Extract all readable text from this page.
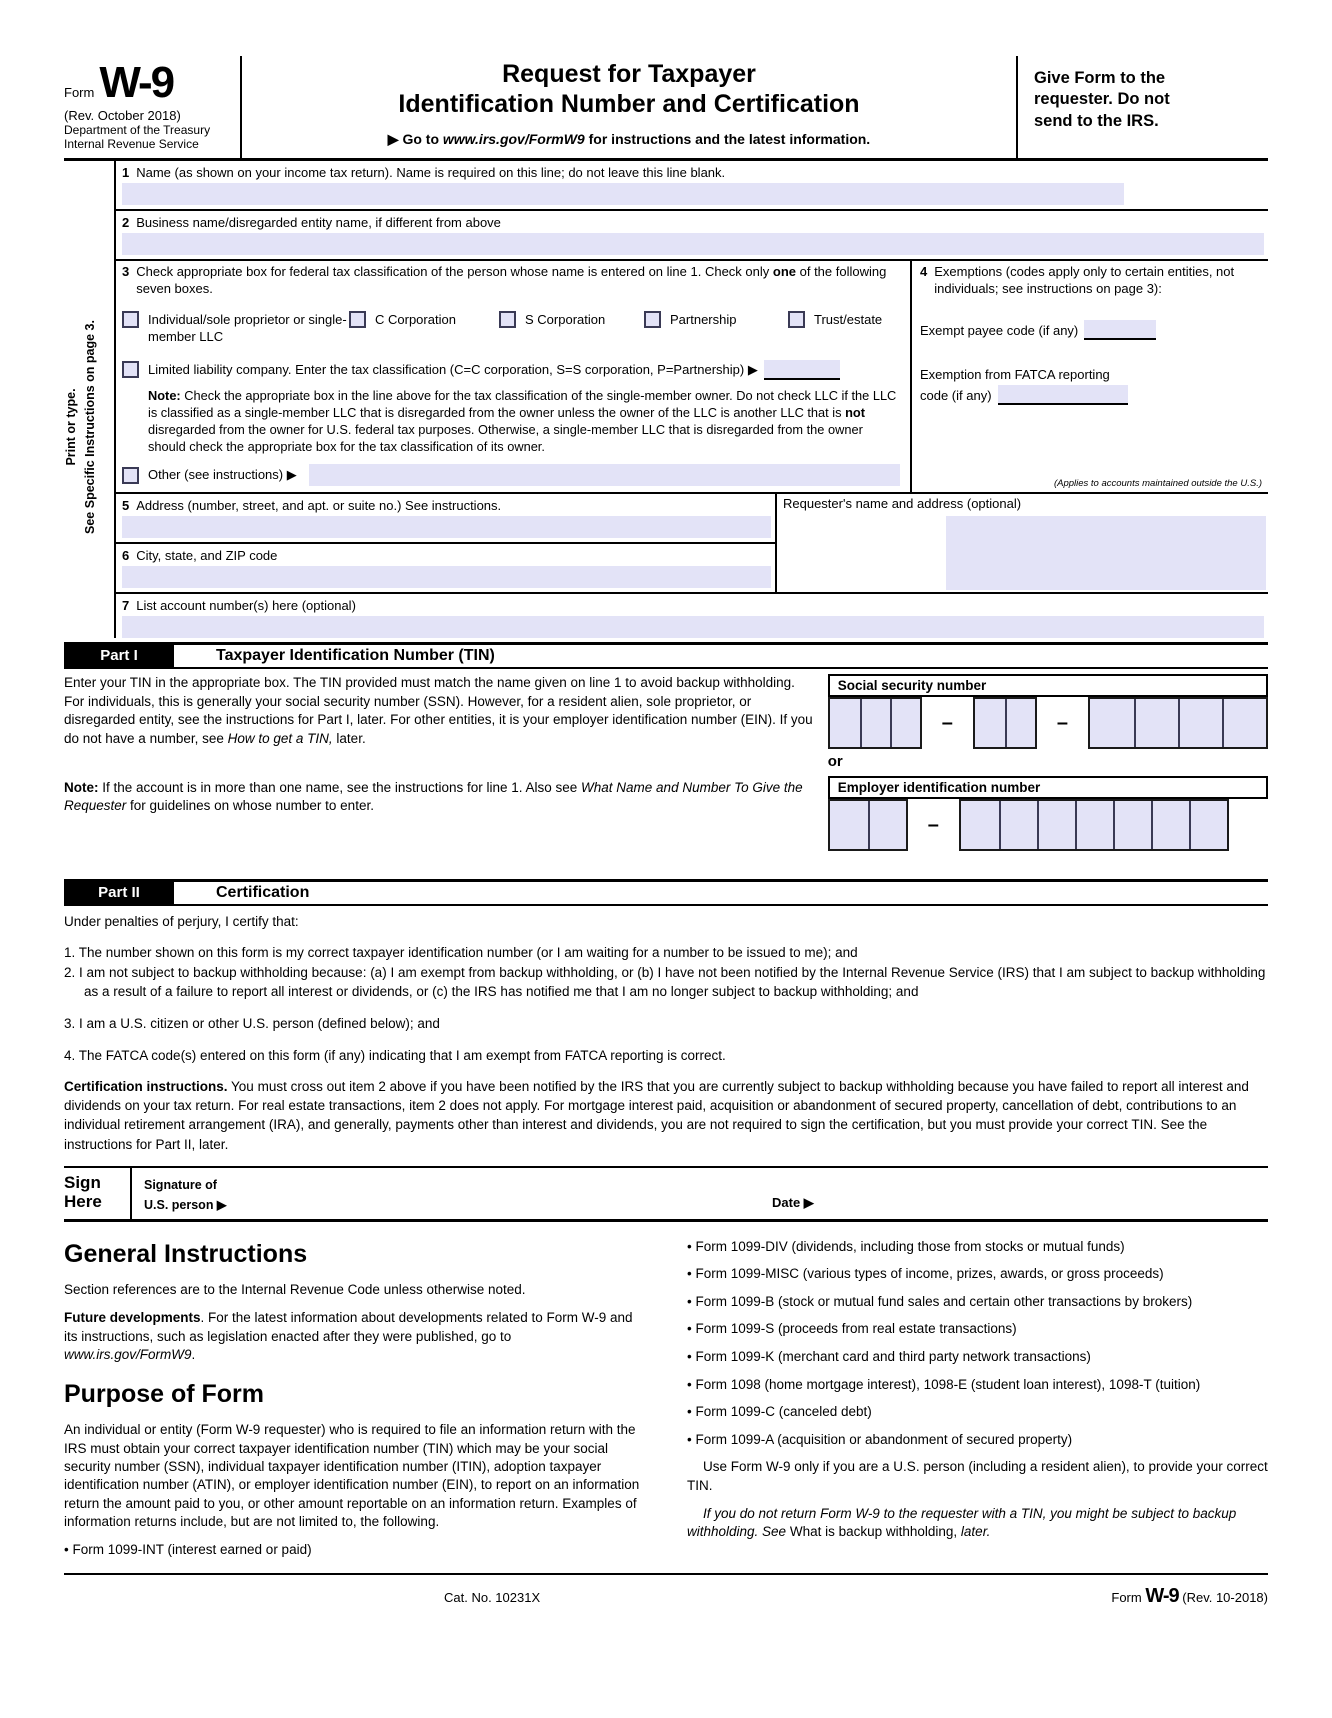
Form W-9
(Rev. October 2018)
Department of the Treasury
Internal Revenue Service
Request for Taxpayer
Identification Number and Certification
▶ Go to www.irs.gov/FormW9 for instructions and the latest information.
Give Form to the
requester. Do not
send to the IRS.
Print or type. See Specific Instructions on page 3.
1 Name (as shown on your income tax return). Name is required on this line; do not leave this line blank.
2 Business name/disregarded entity name, if different from above
3 Check appropriate box for federal tax classification of the person whose name is entered on line 1. Check only one of the following seven boxes.
Individual/sole proprietor or single-member LLC
C Corporation	S Corporation	Partnership	Trust/estate
Limited liability company. Enter the tax classification (C=C corporation, S=S corporation, P=Partnership) ▶
Note: Check the appropriate box in the line above for the tax classification of the single-member owner. Do not check LLC if the LLC is classified as a single-member LLC that is disregarded from the owner unless the owner of the LLC is another LLC that is not disregarded from the owner for U.S. federal tax purposes. Otherwise, a single-member LLC that is disregarded from the owner should check the appropriate box for the tax classification of its owner.
Other (see instructions) ▶
4 Exemptions (codes apply only to certain entities, not individuals; see instructions on page 3):
Exempt payee code (if any)
Exemption from FATCA reporting
code (if any)
(Applies to accounts maintained outside the U.S.)
5 Address (number, street, and apt. or suite no.) See instructions.
6 City, state, and ZIP code
Requester's name and address (optional)
7 List account number(s) here (optional)
Part I	Taxpayer Identification Number (TIN)
Enter your TIN in the appropriate box. The TIN provided must match the name given on line 1 to avoid backup withholding. For individuals, this is generally your social security number (SSN). However, for a resident alien, sole proprietor, or disregarded entity, see the instructions for Part I, later. For other entities, it is your employer identification number (EIN). If you do not have a number, see How to get a TIN, later.
Note: If the account is in more than one name, see the instructions for line 1. Also see What Name and Number To Give the Requester for guidelines on whose number to enter.
Social security number
–	–
or
Employer identification number
–
Part II	Certification
Under penalties of perjury, I certify that:
1. The number shown on this form is my correct taxpayer identification number (or I am waiting for a number to be issued to me); and
2. I am not subject to backup withholding because: (a) I am exempt from backup withholding, or (b) I have not been notified by the Internal Revenue Service (IRS) that I am subject to backup withholding as a result of a failure to report all interest or dividends, or (c) the IRS has notified me that I am no longer subject to backup withholding; and
3. I am a U.S. citizen or other U.S. person (defined below); and
4. The FATCA code(s) entered on this form (if any) indicating that I am exempt from FATCA reporting is correct.
Certification instructions. You must cross out item 2 above if you have been notified by the IRS that you are currently subject to backup withholding because you have failed to report all interest and dividends on your tax return. For real estate transactions, item 2 does not apply. For mortgage interest paid, acquisition or abandonment of secured property, cancellation of debt, contributions to an individual retirement arrangement (IRA), and generally, payments other than interest and dividends, you are not required to sign the certification, but you must provide your correct TIN. See the instructions for Part II, later.
Sign
Here
Signature of
U.S. person ▶	Date ▶
General Instructions
Section references are to the Internal Revenue Code unless otherwise noted.
Future developments. For the latest information about developments related to Form W-9 and its instructions, such as legislation enacted after they were published, go to www.irs.gov/FormW9.
Purpose of Form
An individual or entity (Form W-9 requester) who is required to file an information return with the IRS must obtain your correct taxpayer identification number (TIN) which may be your social security number (SSN), individual taxpayer identification number (ITIN), adoption taxpayer identification number (ATIN), or employer identification number (EIN), to report on an information return the amount paid to you, or other amount reportable on an information return. Examples of information returns include, but are not limited to, the following.
• Form 1099-INT (interest earned or paid)
• Form 1099-DIV (dividends, including those from stocks or mutual funds)
• Form 1099-MISC (various types of income, prizes, awards, or gross proceeds)
• Form 1099-B (stock or mutual fund sales and certain other transactions by brokers)
• Form 1099-S (proceeds from real estate transactions)
• Form 1099-K (merchant card and third party network transactions)
• Form 1098 (home mortgage interest), 1098-E (student loan interest), 1098-T (tuition)
• Form 1099-C (canceled debt)
• Form 1099-A (acquisition or abandonment of secured property)
Use Form W-9 only if you are a U.S. person (including a resident alien), to provide your correct TIN.
If you do not return Form W-9 to the requester with a TIN, you might be subject to backup withholding. See What is backup withholding, later.
Cat. No. 10231X	Form W-9 (Rev. 10-2018)
